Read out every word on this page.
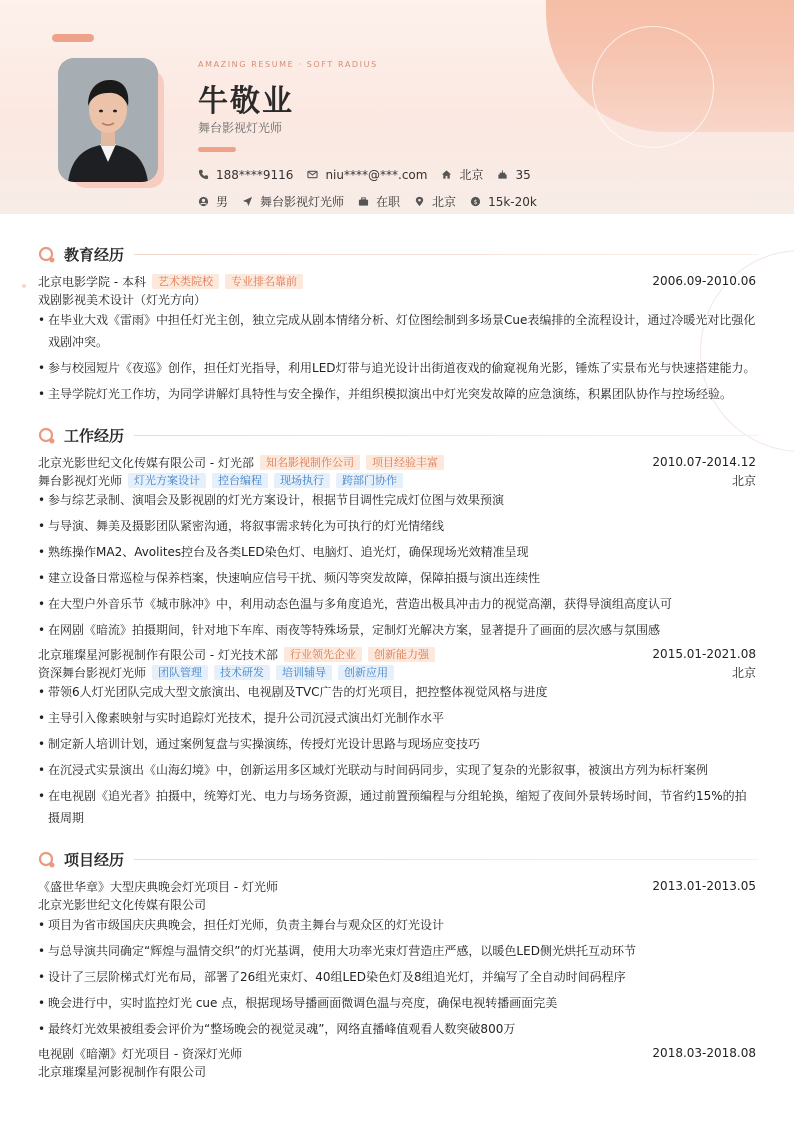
AMAZING RESUME · SOFT RADIUS
牛敬业
舞台影视灯光师
188****9116	niu****@***.com	北京	35
男	舞台影视灯光师	在职	北京 $ 15k-20k
教育经历
北京电影学院 - 本科	艺术类院校	专业排名靠前	2006.09-2010.06
戏剧影视美术设计（灯光方向）
• 在毕业大戏《雷雨》中担任灯光主创，独立完成从剧本情绪分析、灯位图绘制到多场景Cue表编排的全流程设计，通过冷暖光对比强化戏剧冲突。
• 参与校园短片《夜巡》创作，担任灯光指导，利用LED灯带与追光设计出街道夜戏的偷窥视角光影，锤炼了实景布光与快速搭建能力。
• 主导学院灯光工作坊，为同学讲解灯具特性与安全操作，并组织模拟演出中灯光突发故障的应急演练，积累团队协作与控场经验。
工作经历
北京光影世纪文化传媒有限公司 - 灯光部	知名影视制作公司	项目经验丰富	2010.07-2014.12
舞台影视灯光师	灯光方案设计	控台编程	现场执行	跨部门协作	北京
• 参与综艺录制、演唱会及影视剧的灯光方案设计，根据节目调性完成灯位图与效果预演
• 与导演、舞美及摄影团队紧密沟通，将叙事需求转化为可执行的灯光情绪线
• 熟练操作MA2、Avolites控台及各类LED染色灯、电脑灯、追光灯，确保现场光效精准呈现
• 建立设备日常巡检与保养档案，快速响应信号干扰、频闪等突发故障，保障拍摄与演出连续性
• 在大型户外音乐节《城市脉冲》中，利用动态色温与多角度追光，营造出极具冲击力的视觉高潮，获得导演组高度认可
• 在网剧《暗流》拍摄期间，针对地下车库、雨夜等特殊场景，定制灯光解决方案，显著提升了画面的层次感与氛围感
北京璀璨星河影视制作有限公司 - 灯光技术部	行业领先企业	创新能力强	2015.01-2021.08
资深舞台影视灯光师	团队管理	技术研发	培训辅导	创新应用	北京
• 带领6人灯光团队完成大型文旅演出、电视剧及TVC广告的灯光项目，把控整体视觉风格与进度
• 主导引入像素映射与实时追踪灯光技术，提升公司沉浸式演出灯光制作水平
• 制定新人培训计划，通过案例复盘与实操演练，传授灯光设计思路与现场应变技巧
• 在沉浸式实景演出《山海幻境》中，创新运用多区域灯光联动与时间码同步，实现了复杂的光影叙事，被演出方列为标杆案例
• 在电视剧《追光者》拍摄中，统筹灯光、电力与场务资源，通过前置预编程与分组轮换，缩短了夜间外景转场时间，节省约15%的拍摄周期
项目经历
《盛世华章》大型庆典晚会灯光项目 - 灯光师	2013.01-2013.05
北京光影世纪文化传媒有限公司
• 项目为省市级国庆庆典晚会，担任灯光师，负责主舞台与观众区的灯光设计
• 与总导演共同确定“辉煌与温情交织”的灯光基调，使用大功率光束灯营造庄严感，以暖色LED侧光烘托互动环节
• 设计了三层阶梯式灯光布局，部署了26组光束灯、40组LED染色灯及8组追光灯，并编写了全自动时间码程序
• 晚会进行中，实时监控灯光 cue 点，根据现场导播画面微调色温与亮度，确保电视转播画面完美
• 最终灯光效果被组委会评价为“整场晚会的视觉灵魂”，网络直播峰值观看人数突破800万
电视剧《暗潮》灯光项目 - 资深灯光师	2018.03-2018.08
北京璀璨星河影视制作有限公司
